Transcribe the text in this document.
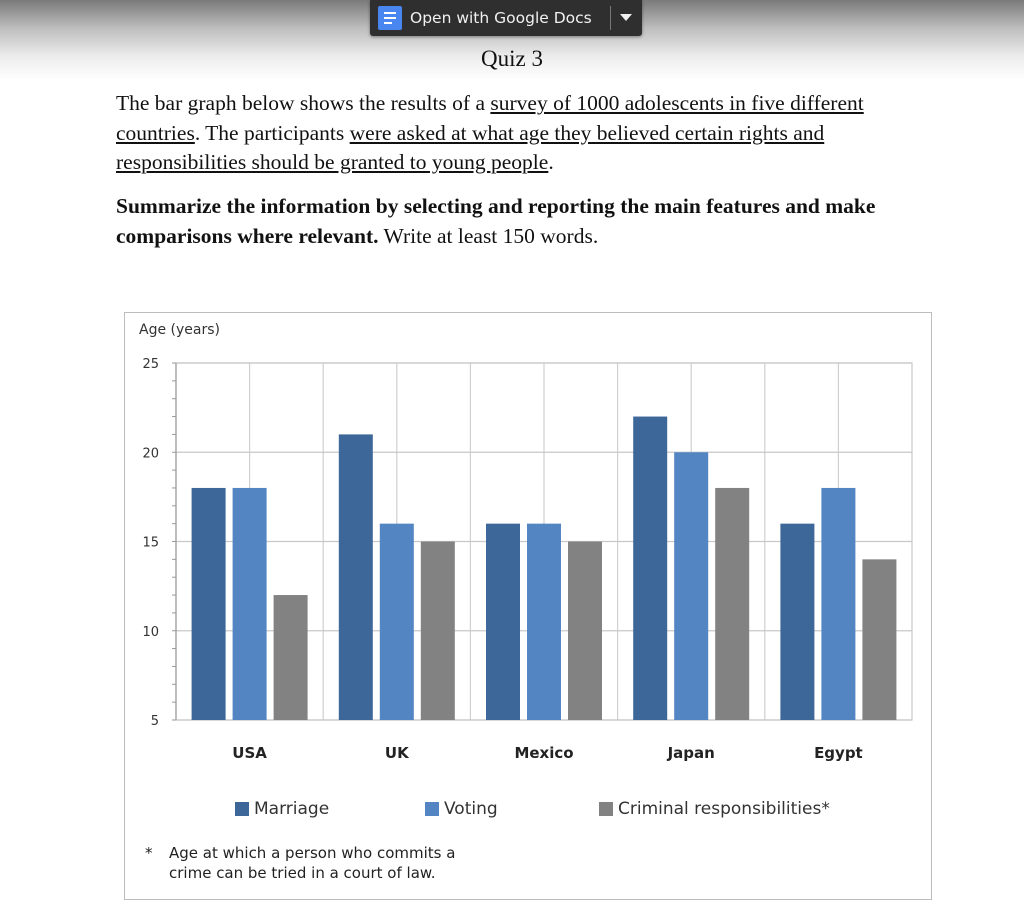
Open with Google Docs
Quiz 3
The bar graph below shows the results of a survey of 1000 adolescents in five different countries. The participants were asked at what age they believed certain rights and responsibilities should be granted to young people.
Summarize the information by selecting and reporting the main features and make comparisons where relevant. Write at least 150 words.
5
10
15
20
25
Age (years)
USA	UK	Mexico	Japan	Egypt
Marriage	Voting	Criminal responsibilities*
* Age at which a person who commits a crime can be tried in a court of law.
